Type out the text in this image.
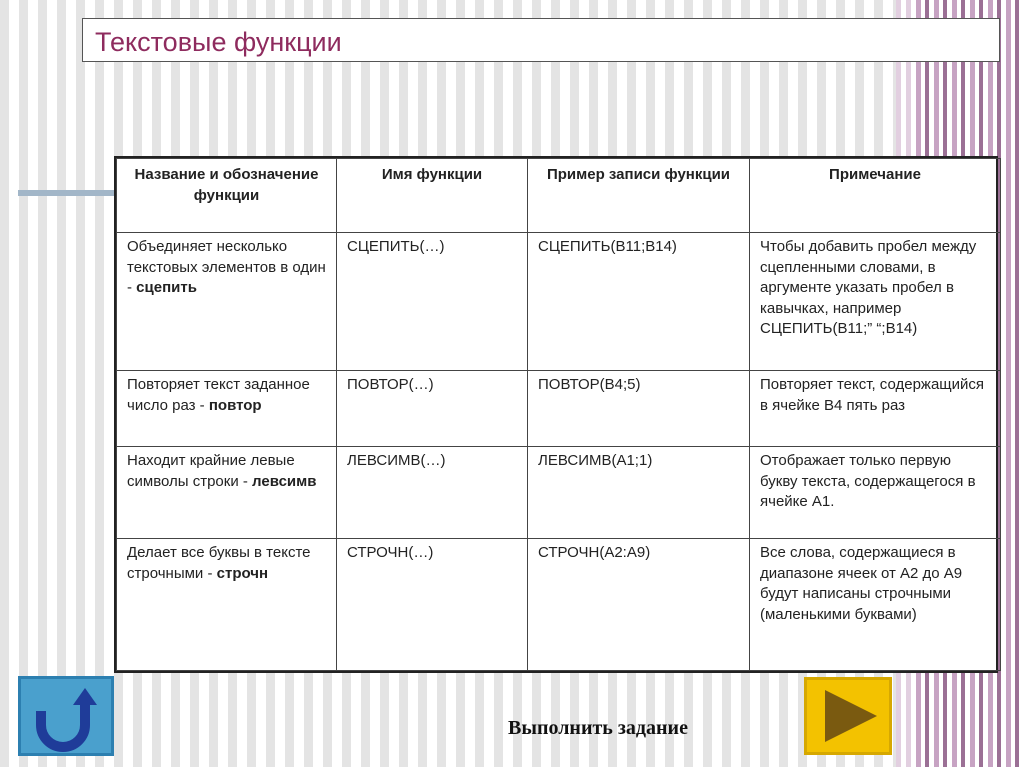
Текстовые функции
Название и обозначение функции	Имя функции	Пример записи функции	Примечание
Объединяет несколько текстовых элементов в один - сцепить	СЦЕПИТЬ(…)	СЦЕПИТЬ(В11;В14)	Чтобы добавить пробел между сцепленными словами, в аргументе указать пробел в кавычках, например СЦЕПИТЬ(В11;” “;В14)
Повторяет текст заданное число раз - повтор	ПОВТОР(…)	ПОВТОР(В4;5)	Повторяет текст, содержащийся в ячейке В4 пять раз
Находит крайние левые символы строки - левсимв	ЛЕВСИМВ(…)	ЛЕВСИМВ(А1;1)	Отображает только первую букву текста, содержащегося в ячейке А1.
Делает все буквы в тексте строчными - строчн	СТРОЧН(…)	СТРОЧН(А2:А9)	Все слова, содержащиеся в диапазоне ячеек от А2 до А9 будут написаны строчными (маленькими буквами)
Выполнить задание
